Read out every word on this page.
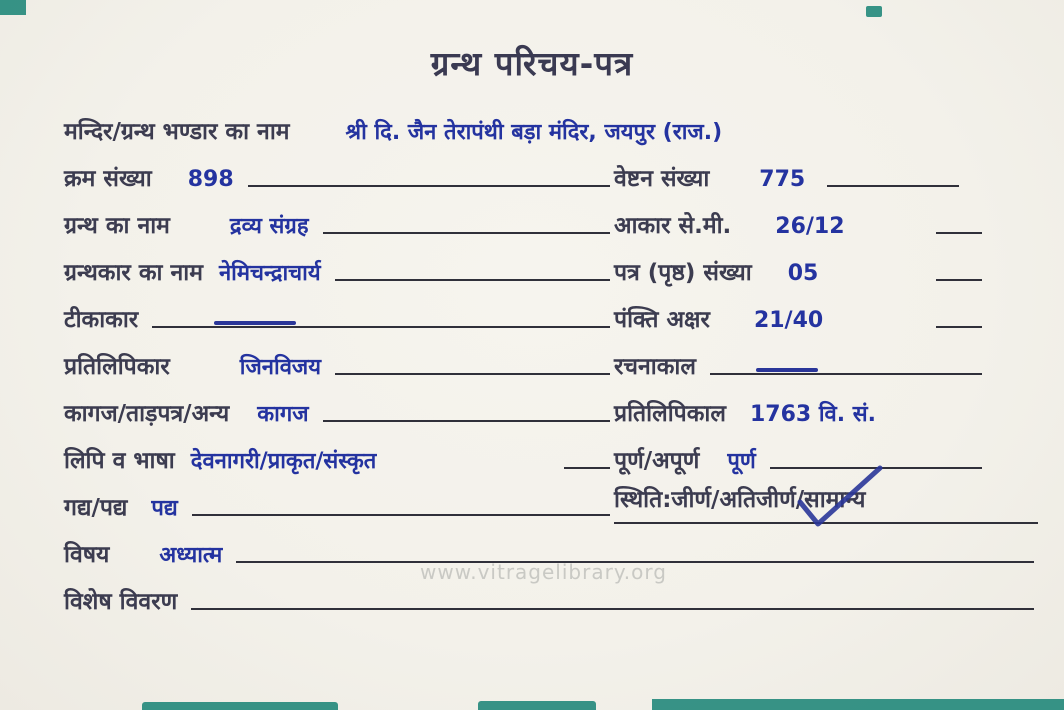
ग्रन्थ परिचय-पत्र
मन्दिर/ग्रन्थ भण्डार का नाम	श्री दि. जैन तेरापंथी बड़ा मंदिर, जयपुर (राज.)
क्रम संख्या 898	वेष्टन संख्या 775
ग्रन्थ का नाम	द्रव्य संग्रह	आकार से.मी. 26/12
ग्रन्थकार का नाम नेमिचन्द्राचार्य	पत्र (पृष्ठ) संख्या 05
टीकाकार	पंक्ति अक्षर 21/40
प्रतिलिपिकार	जिनविजय	रचनाकाल
कागज/ताड़पत्र/अन्य कागज	प्रतिलिपिकाल 1763 वि. सं.
लिपि व भाषा देवनागरी/प्राकृत/संस्कृत	पूर्ण/अपूर्ण पूर्ण
गद्य/पद्य पद्य	स्थिति:जीर्ण/अतिजीर्ण/ सामान्य
विषय अध्यात्म
विशेष विवरण
www.vitragelibrary.org
